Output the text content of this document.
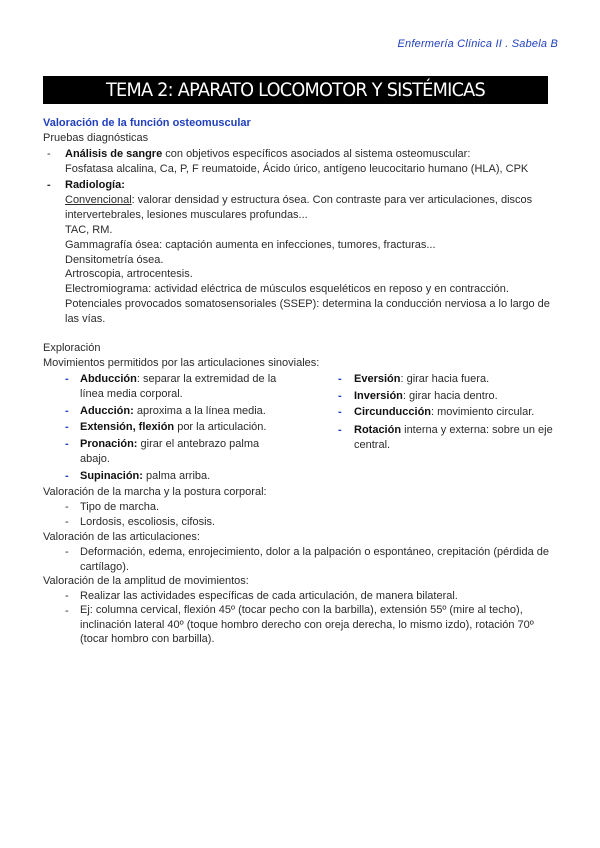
Enfermería Clínica II . Sabela B
TEMA 2: APARATO LOCOMOTOR Y SISTÉMICAS
Valoración de la función osteomuscular
Pruebas diagnósticas
- Análisis de sangre con objetivos específicos asociados al sistema osteomuscular:
Fosfatasa alcalina, Ca, P, F reumatoide, Ácido úrico, antígeno leucocitario humano (HLA), CPK
- Radiología:
Convencional: valorar densidad y estructura ósea. Con contraste para ver articulaciones, discos
intervertebrales, lesiones musculares profundas...
TAC, RM.
Gammagrafía ósea: captación aumenta en infecciones, tumores, fracturas...
Densitometría ósea.
Artroscopia, artrocentesis.
Electromiograma: actividad eléctrica de músculos esqueléticos en reposo y en contracción.
Potenciales provocados somatosensoriales (SSEP): determina la conducción nerviosa a lo largo de
las vías.
Exploración
Movimientos permitidos por las articulaciones sinoviales:
- Abducción: separar la extremidad de la
línea media corporal.
- Aducción: aproxima a la línea media.
- Extensión, flexión por la articulación.
- Pronación: girar el antebrazo palma
abajo.
- Supinación: palma arriba.
- Eversión: girar hacia fuera.
- Inversión: girar hacia dentro.
- Circunducción: movimiento circular.
- Rotación interna y externa: sobre un eje
central.
Valoración de la marcha y la postura corporal:
- Tipo de marcha.
- Lordosis, escoliosis, cifosis.
Valoración de las articulaciones:
- Deformación, edema, enrojecimiento, dolor a la palpación o espontáneo, crepitación (pérdida de cartílago).
Valoración de la amplitud de movimientos:
- Realizar las actividades específicas de cada articulación, de manera bilateral.
- Ej: columna cervical, flexión 45º (tocar pecho con la barbilla), extensión 55º (mire al techo), inclinación lateral 40º (toque hombro derecho con oreja derecha, lo mismo izdo), rotación 70º (tocar hombro con barbilla).
